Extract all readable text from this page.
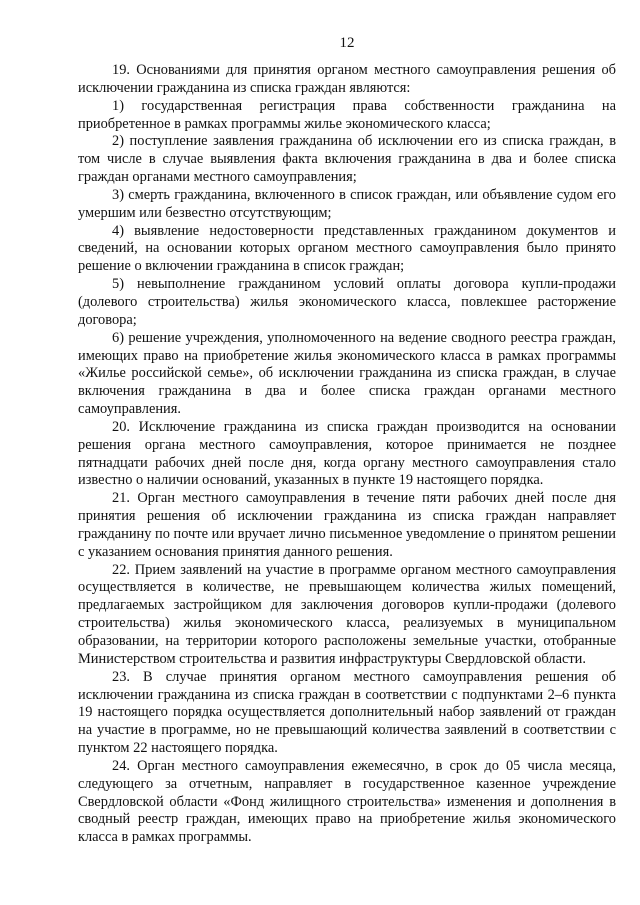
12

19. Основаниями для принятия органом местного самоуправления решения об исключении гражданина из списка граждан являются:

1) государственная регистрация права собственности гражданина на приобретенное в рамках программы жилье экономического класса;

2) поступление заявления гражданина об исключении его из списка граждан, в том числе в случае выявления факта включения гражданина в два и более списка граждан органами местного самоуправления;

3) смерть гражданина, включенного в список граждан, или объявление судом его умершим или безвестно отсутствующим;

4) выявление недостоверности представленных гражданином документов и сведений, на основании которых органом местного самоуправления было принято решение о включении гражданина в список граждан;

5) невыполнение гражданином условий оплаты договора купли-продажи (долевого строительства) жилья экономического класса, повлекшее расторжение договора;

6) решение учреждения, уполномоченного на ведение сводного реестра граждан, имеющих право на приобретение жилья экономического класса в рамках программы «Жилье российской семье», об исключении гражданина из списка граждан, в случае включения гражданина в два и более списка граждан органами местного самоуправления.

20. Исключение гражданина из списка граждан производится на основании решения органа местного самоуправления, которое принимается не позднее пятнадцати рабочих дней после дня, когда органу местного самоуправления стало известно о наличии оснований, указанных в пункте 19 настоящего порядка.

21. Орган местного самоуправления в течение пяти рабочих дней после дня принятия решения об исключении гражданина из списка граждан направляет гражданину по почте или вручает лично письменное уведомление о принятом решении с указанием основания принятия данного решения.

22. Прием заявлений на участие в программе органом местного самоуправления осуществляется в количестве, не превышающем количества жилых помещений, предлагаемых застройщиком для заключения договоров купли-продажи (долевого строительства) жилья экономического класса, реализуемых в муниципальном образовании, на территории которого расположены земельные участки, отобранные Министерством строительства и развития инфраструктуры Свердловской области.

23. В случае принятия органом местного самоуправления решения об исключении гражданина из списка граждан в соответствии с подпунктами 2–6 пункта 19 настоящего порядка осуществляется дополнительный набор заявлений от граждан на участие в программе, но не превышающий количества заявлений в соответствии с пунктом 22 настоящего порядка.

24. Орган местного самоуправления ежемесячно, в срок до 05 числа месяца, следующего за отчетным, направляет в государственное казенное учреждение Свердловской области «Фонд жилищного строительства» изменения и дополнения в сводный реестр граждан, имеющих право на приобретение жилья экономического класса в рамках программы.
